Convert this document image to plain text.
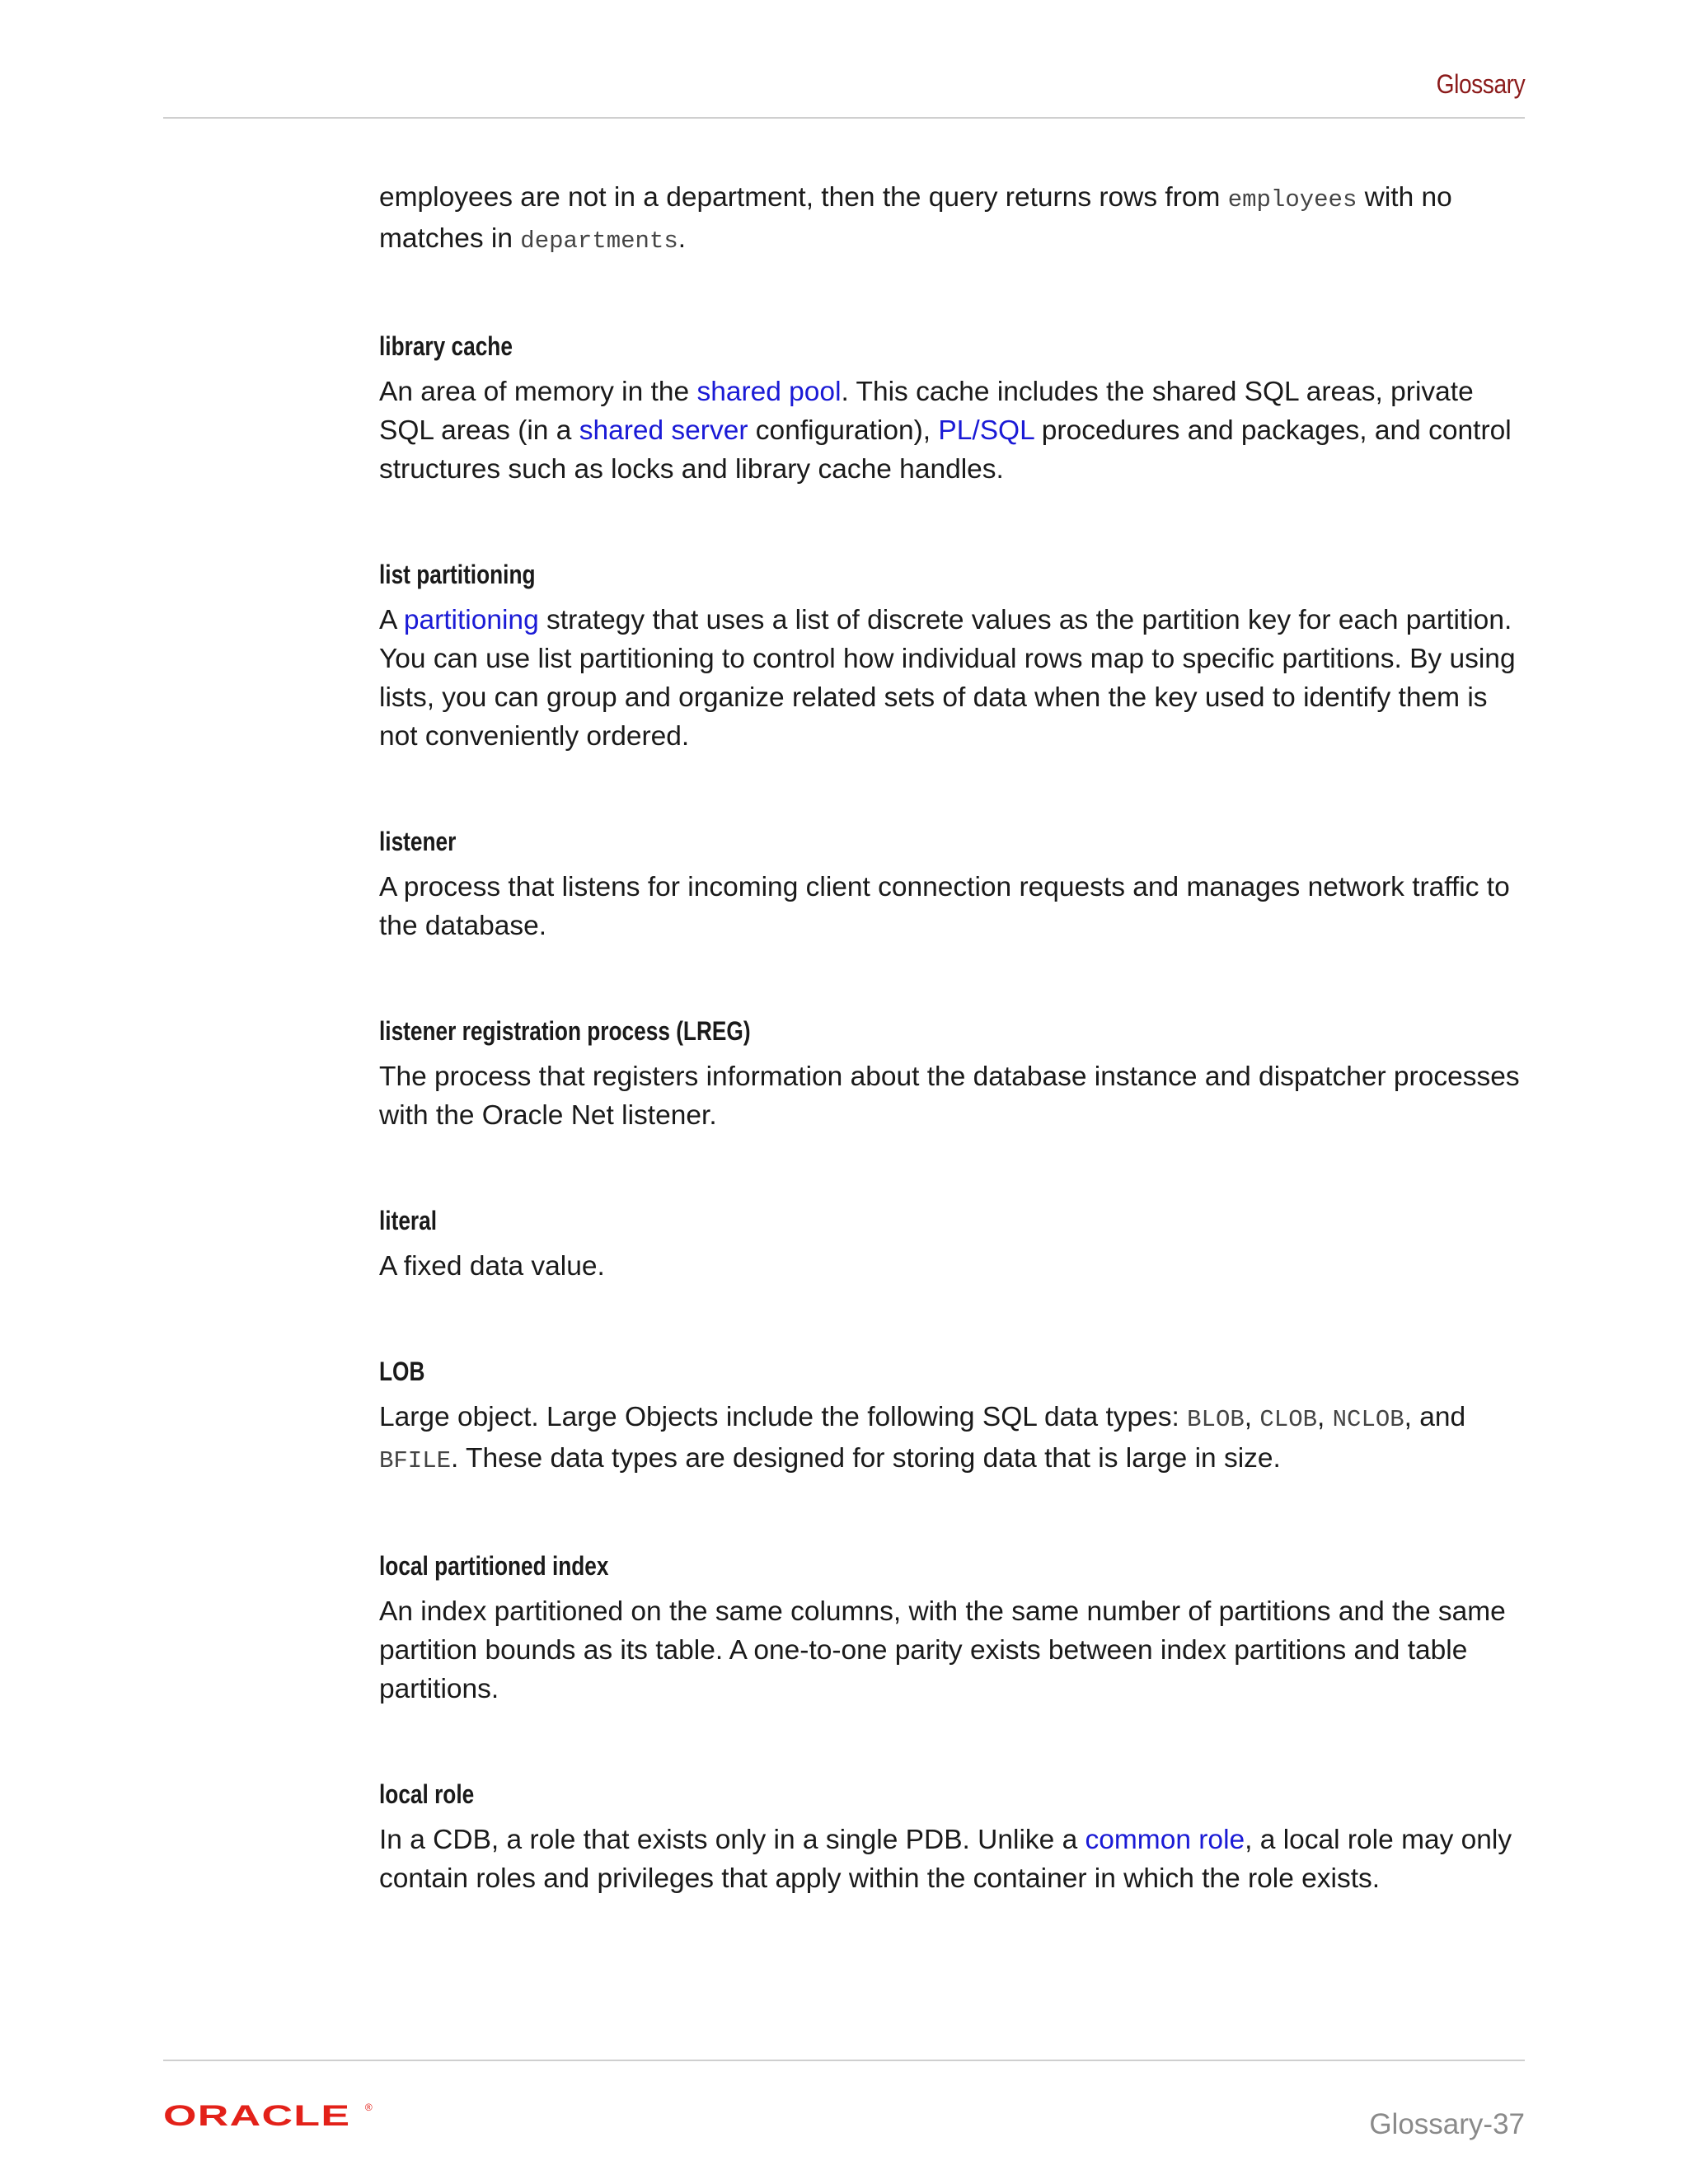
Glossary

employees are not in a department, then the query returns rows from employees with no matches in departments.

library cache

An area of memory in the shared pool. This cache includes the shared SQL areas, private SQL areas (in a shared server configuration), PL/SQL procedures and packages, and control structures such as locks and library cache handles.

list partitioning

A partitioning strategy that uses a list of discrete values as the partition key for each partition. You can use list partitioning to control how individual rows map to specific partitions. By using lists, you can group and organize related sets of data when the key used to identify them is not conveniently ordered.

listener

A process that listens for incoming client connection requests and manages network traffic to the database.

listener registration process (LREG)

The process that registers information about the database instance and dispatcher processes with the Oracle Net listener.

literal

A fixed data value.

LOB

Large object. Large Objects include the following SQL data types: BLOB, CLOB, NCLOB, and BFILE. These data types are designed for storing data that is large in size.

local partitioned index

An index partitioned on the same columns, with the same number of partitions and the same partition bounds as its table. A one-to-one parity exists between index partitions and table partitions.

local role

In a CDB, a role that exists only in a single PDB. Unlike a common role, a local role may only contain roles and privileges that apply within the container in which the role exists.

ORACLE ®
Glossary-37
